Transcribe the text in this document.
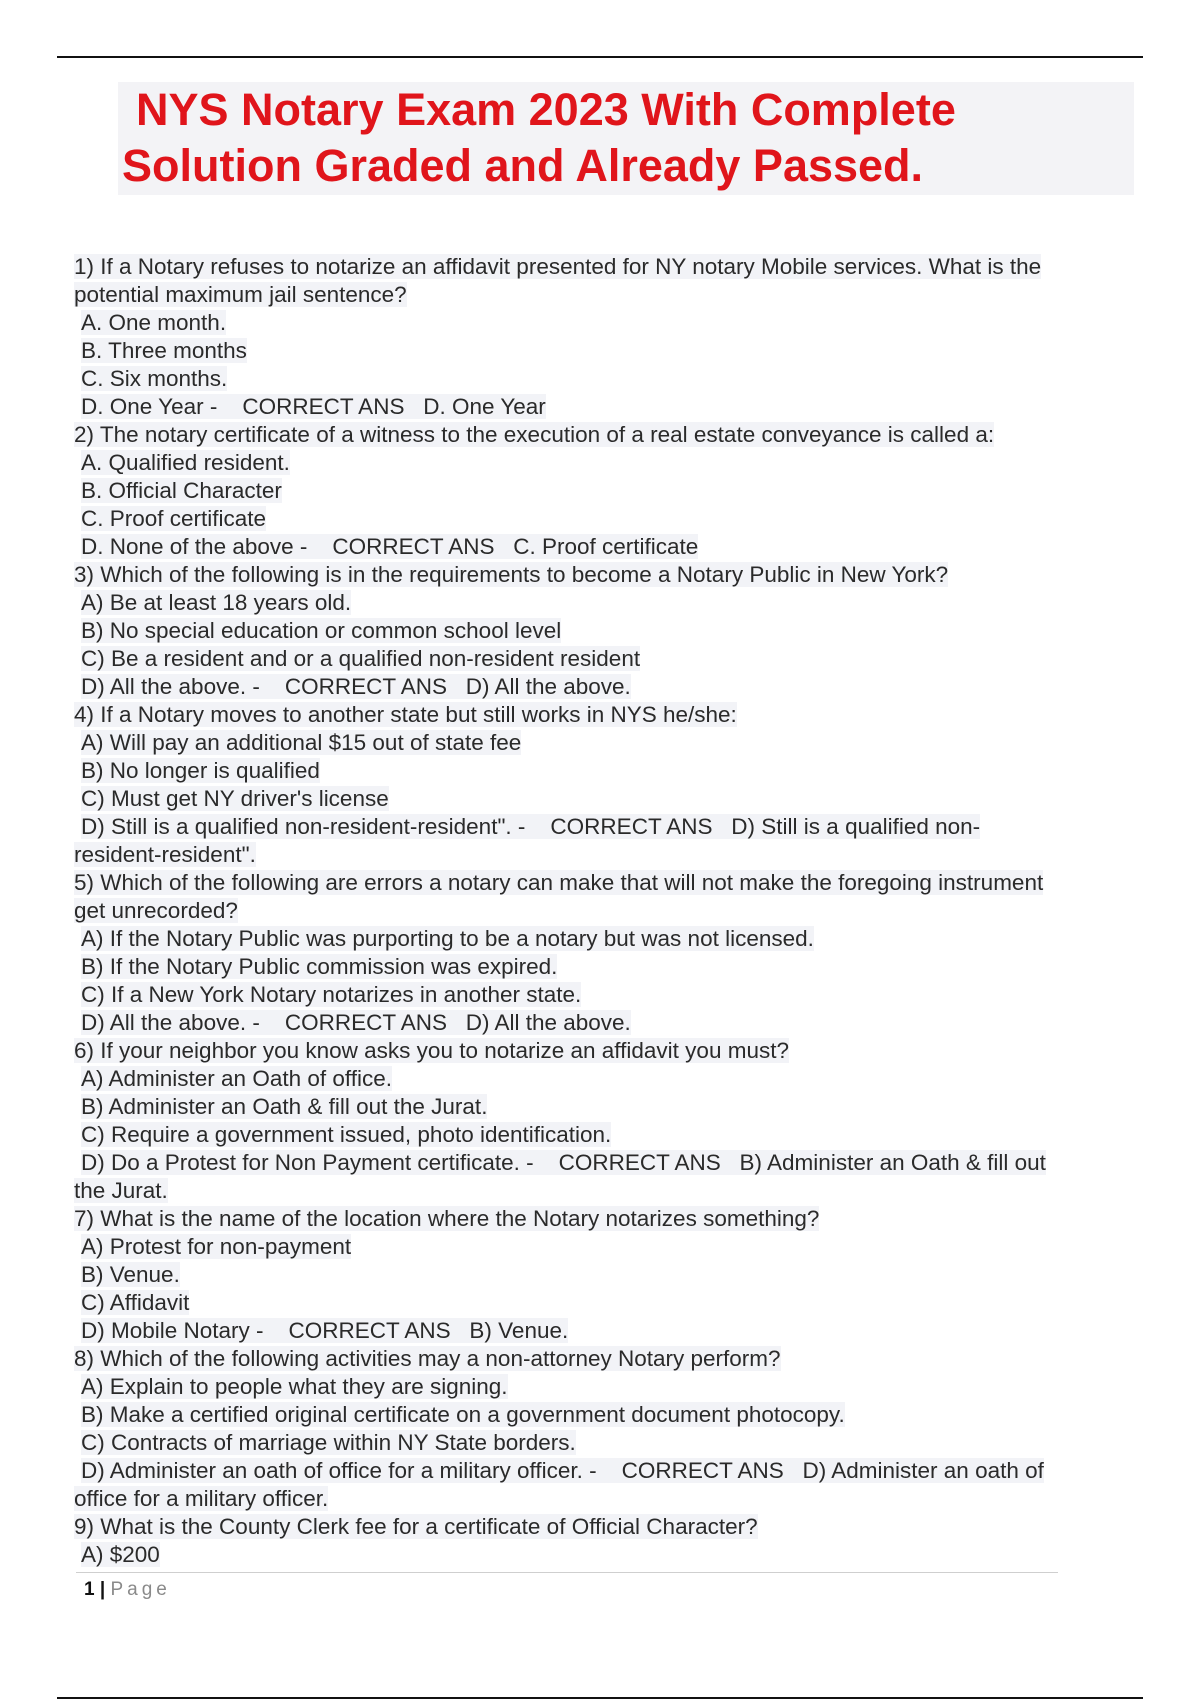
NYS Notary Exam 2023 With Complete
Solution Graded and Already Passed.

1) If a Notary refuses to notarize an affidavit presented for NY notary Mobile services. What is the

potential maximum jail sentence?

A. One month.

B. Three months

C. Six months.

D. One Year -    CORRECT ANS   D. One Year

2) The notary certificate of a witness to the execution of a real estate conveyance is called a:

A. Qualified resident.

B. Official Character

C. Proof certificate

D. None of the above -    CORRECT ANS   C. Proof certificate

3) Which of the following is in the requirements to become a Notary Public in New York?

A) Be at least 18 years old.

B) No special education or common school level

C) Be a resident and or a qualified non-resident resident

D) All the above. -    CORRECT ANS   D) All the above.

4) If a Notary moves to another state but still works in NYS he/she:

A) Will pay an additional $15 out of state fee

B) No longer is qualified

C) Must get NY driver's license

D) Still is a qualified non-resident-resident". -    CORRECT ANS   D) Still is a qualified non-

resident-resident".

5) Which of the following are errors a notary can make that will not make the foregoing instrument

get unrecorded?

A) If the Notary Public was purporting to be a notary but was not licensed.

B) If the Notary Public commission was expired.

C) If a New York Notary notarizes in another state.

D) All the above. -    CORRECT ANS   D) All the above.

6) If your neighbor you know asks you to notarize an affidavit you must?

A) Administer an Oath of office.

B) Administer an Oath & fill out the Jurat.

C) Require a government issued, photo identification.

D) Do a Protest for Non Payment certificate. -    CORRECT ANS   B) Administer an Oath & fill out

the Jurat.

7) What is the name of the location where the Notary notarizes something?

A) Protest for non-payment

B) Venue.

C) Affidavit

D) Mobile Notary -    CORRECT ANS   B) Venue.

8) Which of the following activities may a non-attorney Notary perform?

A) Explain to people what they are signing.

B) Make a certified original certificate on a government document photocopy.

C) Contracts of marriage within NY State borders.

D) Administer an oath of office for a military officer. -    CORRECT ANS   D) Administer an oath of

office for a military officer.

9) What is the County Clerk fee for a certificate of Official Character?

A) $200

1 | Page
